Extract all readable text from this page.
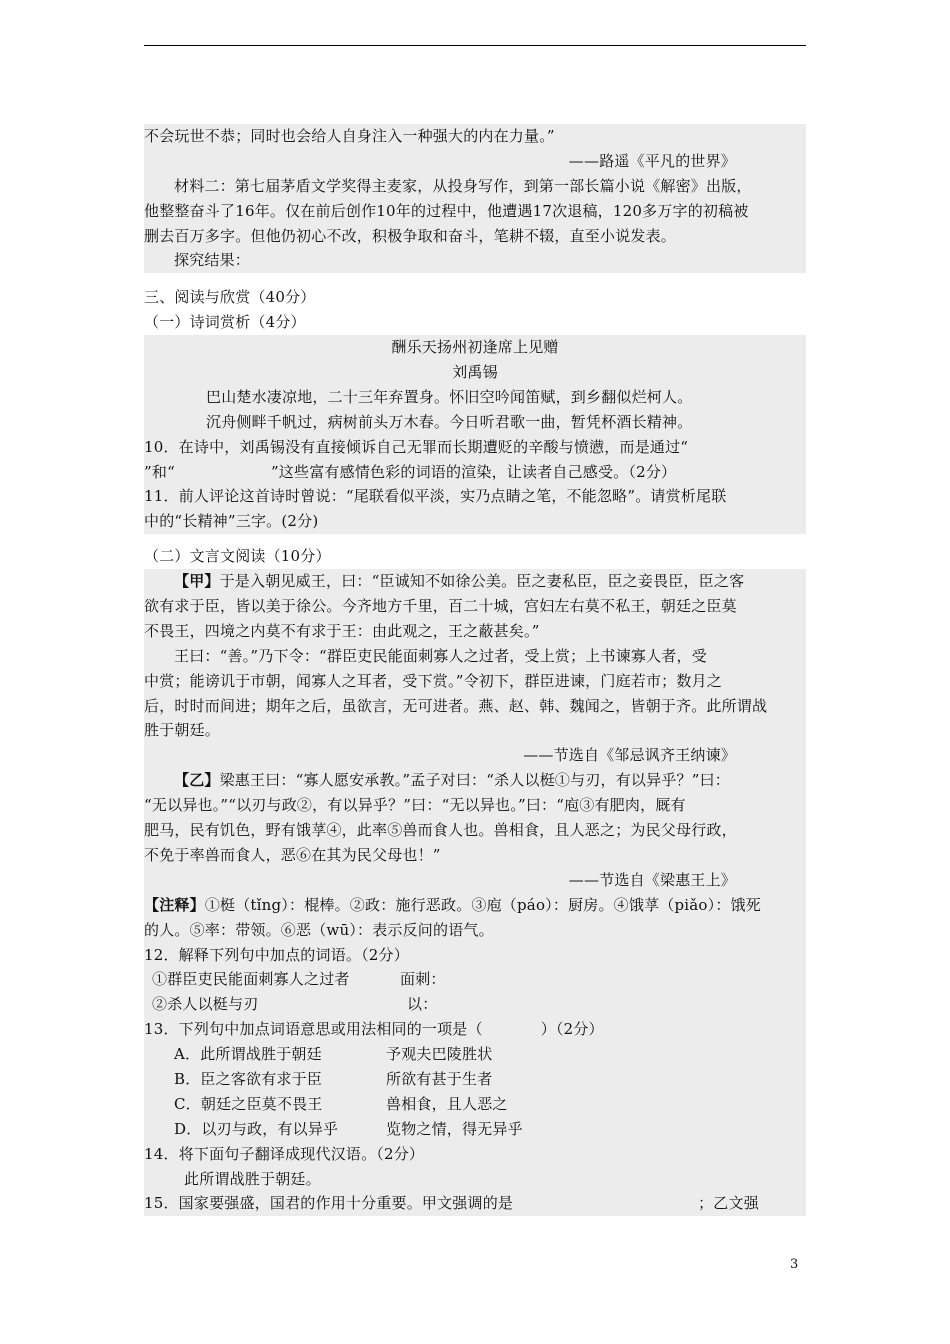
不会玩世不恭；同时也会给人自身注入一种强大的内在力量。”
——路遥《平凡的世界》
材料二：第七届茅盾文学奖得主麦家，从投身写作，到第一部长篇小说《解密》出版，
他整整奋斗了16年。仅在前后创作10年的过程中，他遭遇17次退稿，120多万字的初稿被
删去百万多字。但他仍初心不改，积极争取和奋斗，笔耕不辍，直至小说发表。
探究结果：
三、阅读与欣赏（40分）
（一）诗词赏析（4分）
酬乐天扬州初逢席上见赠
刘禹锡
巴山楚水凄凉地，二十三年弃置身。怀旧空吟闻笛赋，到乡翻似烂柯人。
沉舟侧畔千帆过，病树前头万木春。今日听君歌一曲，暂凭杯酒长精神。
10．在诗中，刘禹锡没有直接倾诉自己无罪而长期遭贬的辛酸与愤懑，而是通过“
”和“	”这些富有感情色彩的词语的渲染，让读者自己感受。（2分）
11．前人评论这首诗时曾说：“尾联看似平淡，实乃点睛之笔，不能忽略”。请赏析尾联
中的“长精神”三字。(2分)
（二）文言文阅读（10分）
【甲】于是入朝见威王，曰：“臣诚知不如徐公美。臣之妻私臣，臣之妾畏臣，臣之客
欲有求于臣，皆以美于徐公。今齐地方千里，百二十城，宫妇左右莫不私王，朝廷之臣莫
不畏王，四境之内莫不有求于王：由此观之，王之蔽甚矣。”
王曰：“善。”乃下令：“群臣吏民能面刺寡人之过者，受上赏；上书谏寡人者，受
中赏；能谤讥于市朝，闻寡人之耳者，受下赏。”令初下，群臣进谏，门庭若市；数月之
后，时时而间进；期年之后，虽欲言，无可进者。燕、赵、韩、魏闻之，皆朝于齐。此所谓战
胜于朝廷。
——节选自《邹忌讽齐王纳谏》
【乙】梁惠王曰：“寡人愿安承教。”孟子对曰：“杀人以梃①与刃，有以异乎？”曰：
“无以异也。”“以刃与政②，有以异乎？”曰：“无以异也。”曰：“庖③有肥肉，厩有
肥马，民有饥色，野有饿莩④，此率⑤兽而食人也。兽相食，且人恶之；为民父母行政，
不免于率兽而食人，恶⑥在其为民父母也！”
——节选自《梁惠王上》
【注释】①梃（tǐng）：棍棒。②政：施行恶政。③庖（páo）：厨房。④饿莩（piǎo）：饿死
的人。⑤率：带领。⑥恶（wū）：表示反问的语气。
12．解释下列句中加点的词语。（2分）
①群臣吏民能面刺寡人之过者	面刺：
②杀人以梃与刃	以：
13．下列句中加点词语意思或用法相同的一项是（	）（2分）
A．此所谓战胜于朝廷	予观夫巴陵胜状
B．臣之客欲有求于臣	所欲有甚于生者
C．朝廷之臣莫不畏王	兽相食，且人恶之
D．以刃与政，有以异乎	览物之情，得无异乎
14．将下面句子翻译成现代汉语。（2分）
此所谓战胜于朝廷。
15．国家要强盛，国君的作用十分重要。甲文强调的是	；乙文强
3
